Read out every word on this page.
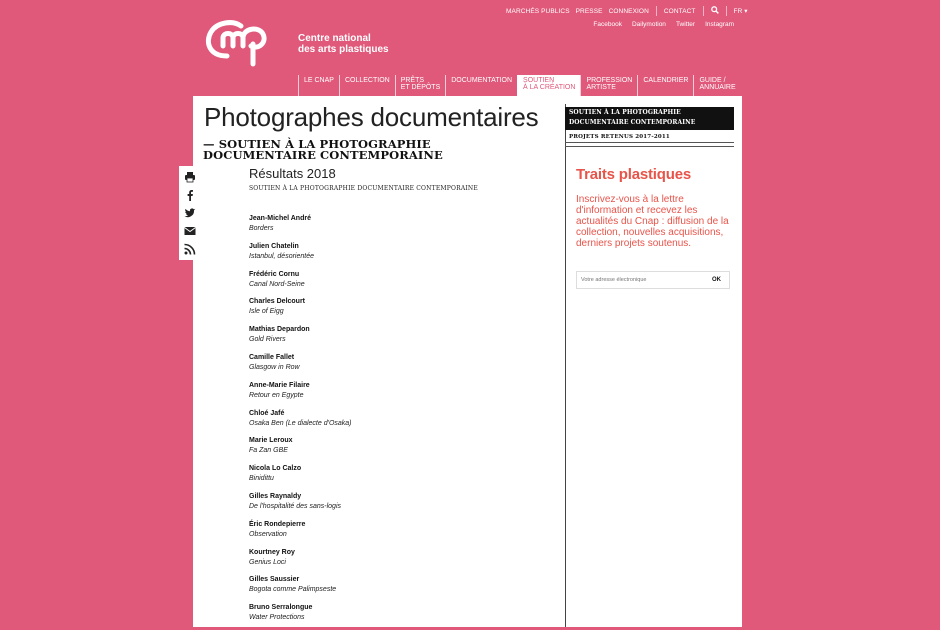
Centre national
des arts plastiques
MARCHÉS PUBLICS PRESSE CONNEXION	CONTACT	FR ▾
Facebook Dailymotion Twitter Instagram
LE CNAP	COLLECTION	PRÊTS
ET DÉPÔTS
DOCUMENTATION	SOUTIEN
À LA CRÉATION
PROFESSION
ARTISTE
CALENDRIER	GUIDE /
ANNUAIRE
Photographes documentaires
— SOUTIEN À LA PHOTOGRAPHIE
DOCUMENTAIRE CONTEMPORAINE
Résultats 2018
SOUTIEN À LA PHOTOGRAPHIE DOCUMENTAIRE CONTEMPORAINE
Jean-Michel André
Borders
Julien Chatelin
Istanbul, désorientée
Frédéric Cornu
Canal Nord-Seine
Charles Delcourt
Isle of Eigg
Mathias Depardon
Gold Rivers
Camille Fallet
Glasgow in Row
Anne-Marie Filaire
Retour en Egypte
Chloé Jafé
Osaka Ben (Le dialecte d'Osaka)
Marie Leroux
Fa Zan GBE
Nicola Lo Calzo
Binidittu
Gilles Raynaldy
De l'hospitalité des sans-logis
Éric Rondepierre
Observation
Kourtney Roy
Genius Loci
Gilles Saussier
Bogota comme Palimpseste
Bruno Serralongue
Water Protections
SOUTIEN À LA PHOTOGRAPHIE
DOCUMENTAIRE CONTEMPORAINE
PROJETS RETENUS 2017-2011
Traits plastiques
Inscrivez-vous à la lettre d'information et recevez les actualités du Cnap : diffusion de la collection, nouvelles acquisitions, derniers projets soutenus.
Votre adresse électronique
OK
